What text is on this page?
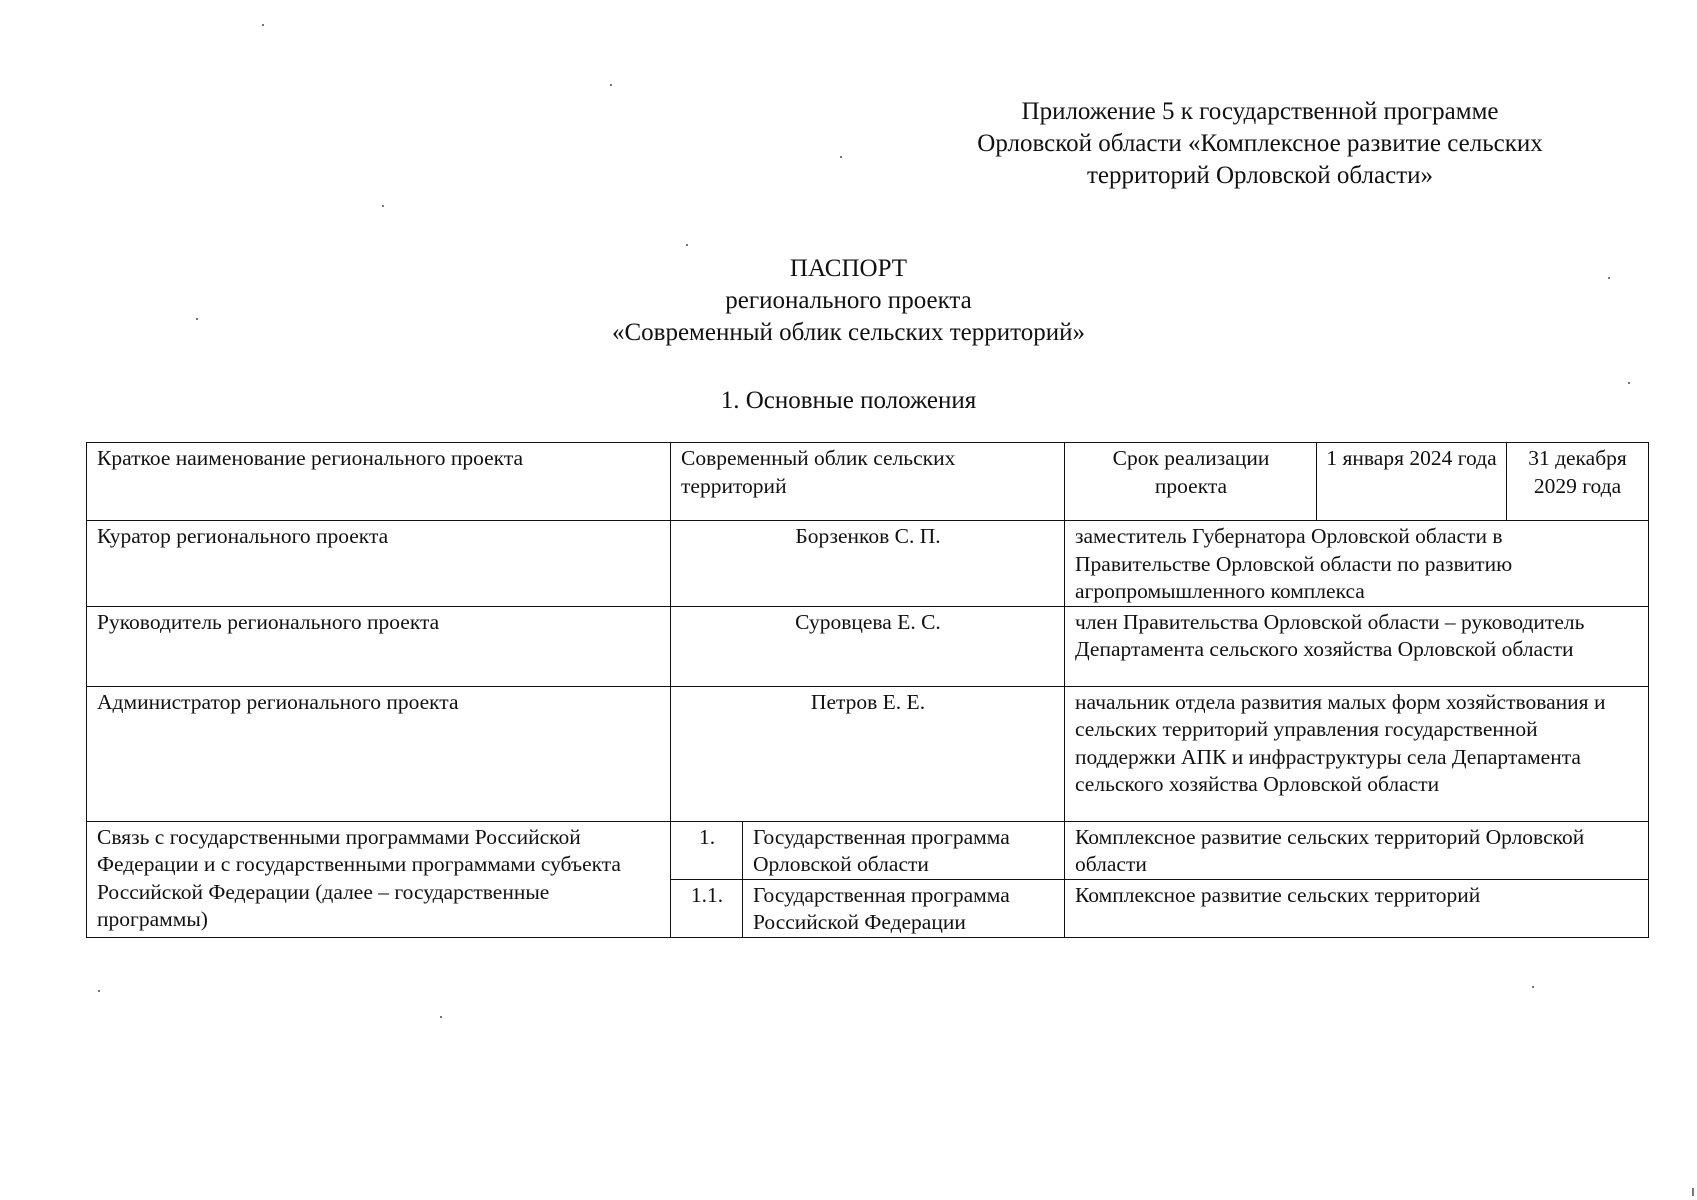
Приложение 5 к государственной программе
Орловской области «Комплексное развитие сельских
территорий Орловской области»
ПАСПОРТ
регионального проекта
«Современный облик сельских территорий»
1. Основные положения
Краткое наименование регионального проекта	Современный облик сельских территорий		Срок реализации проекта	1 января 2024 года	31 декабря 2029 года
Куратор регионального проекта	Борзенков С. П.		заместитель Губернатора Орловской области в Правительстве Орловской области по развитию агропромышленного комплекса		
Руководитель регионального проекта	Суровцева Е. С.		член Правительства Орловской области – руководитель Департамента сельского хозяйства Орловской области		
Администратор регионального проекта	Петров Е. Е.		начальник отдела развития малых форм хозяйствования и сельских территорий управления государственной поддержки АПК и инфраструктуры села Департамента сельского хозяйства Орловской области		
Связь с государственными программами Российской Федерации и с государственными программами субъекта Российской Федерации (далее – государственные программы)	1.	Государственная программа Орловской области	Комплексное развитие сельских территорий Орловской области		
	1.1.	Государственная программа Российской Федерации	Комплексное развитие сельских территорий		
